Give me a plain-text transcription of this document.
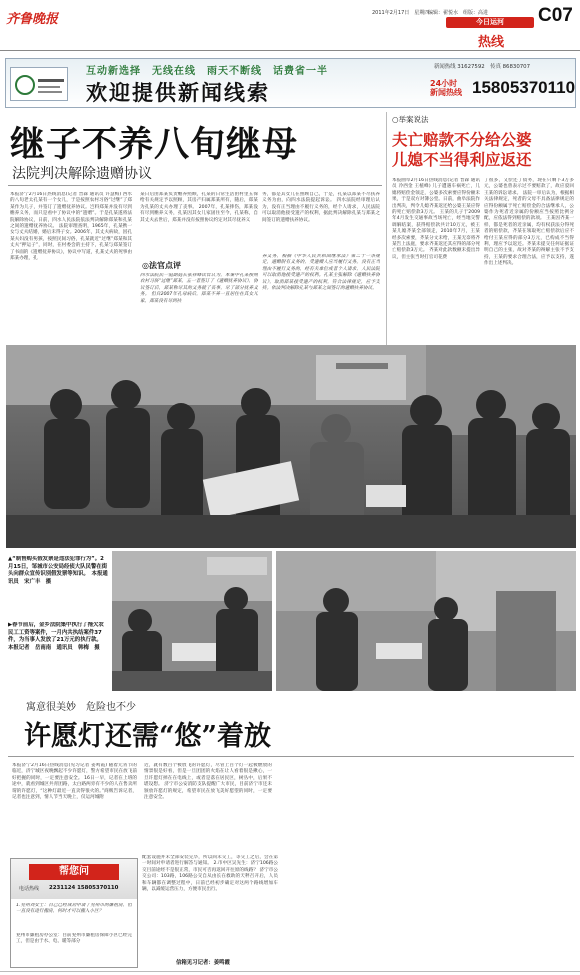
齐鲁晚报	2011年2月17日　星期四
编辑：翟悦水　组版：高进
今日运河
热线
C07
互动新选择　无线在线　雨天不断线　话费省一半
欢迎提供新闻线索
新闻热线 31627592　传真 86830707
24小时
新闻热线 15805370110
继子不养八旬继母
法院判决解除遗赠协议
本报济宁2月16日热线消息(记者 晋森 通讯员 许慧梅) 西水的八旬老太孔某有一个女儿，于是按照农村习俗“过继”了郑某作为儿子，并签订了遗赠抚养协议。岂料郑某并没有尽到赡养义务，而只是看中了协议中的“遗赠”。于是孔某遂将法院解除协议，日前，四水人民法院依法判决解除郑某和孔某之间的遗赠抚养协议。 法院审理查明，1965年，孔某携一女与丈夫结婚，婚后未得子女。2006年，其丈夫病故，因孔某夫妇没有男孩，按照民间习俗，孔某就近“过继”郑某和其丈夫“押运子”，同时，在村委会的主持下，孔某与郑某签订了书面的《遗赠抚养协议》，协议中写道，孔某丈夫的死事由郑某办理，孔
某日后由郑某负责赡养照顾，孔某的日常生活由村里五保给有关规定予以照顾，其房产归属郑某所有，随后，郑某为孔某的丈夫办理了丧事。 2007年，孔某摔伤，郑某没有尽到赡养义务，孔某因其女儿家固住至今，孔某称，自其丈夫去世后，郑某并没有按照协议约定对其尽抚养义
务，都是其女儿在照顾自己，于是，孔某以郑某不尽扶养义务为由，向四水法院提起诉讼。 四水法院经审理后认为，没有正当理由不履行义务的，经个人请求，人民法院可以取消他接受遗产的权利，据此判决解除孔某与郑某之间签订的遗赠扶养协议。
◎法官点评
四水法院民一庭副庭长张祥峰读官认为，本案中孔某按照农村习俗“过继”郑某，五一者签订了《遗赠抚养协议》，协议签订后，郑某称尽其的义务就了丧事，尽了部分抚养义务。 但自2007年孔母病后，郑某不养一直居住在其女儿家，郑某没有尽到扶
养义务，根据《中华人民共和国继承法》第二十一条规定，遗赠附有义务的，受遗赠人应当履行义务。没有正当理由不履行义务的，经有关单位或者个人请求，人民法院可以取消他接受遗产的权利。孔某主张解除《遗赠扶养协议》，取消郑某接受遗产的权利，符合法律规定，应予支持。依法判决解除孔某与郑某之间签订的遗赠扶养协议。
○举案说法
夫亡赔款不分给公婆
儿媳不当得利应返还
本报曲阜2月16日热线消息(记者 晋森 通讯员 冷西金 王植峰) 儿子遭遇车祸死亡，儿媳将赔偿金领走，公婆多次索要应得份额未果，于是双方对簿公堂。日前，曲阜法院作出判决，判令儿媳齐某返还给公婆王某应得的死亡赔偿款3万元。 王某的儿子于2009年4月发生交通事故当场死亡，经当地交警调解结案，获得赔偿款共计10万元，被王某儿媳齐某全部领走，2010年7月，王某经多次索要，齐某分文未给，王某无奈将齐某告上法庭，要求齐某返还其应得的部分死亡赔偿款3万元。 齐某对此款数额未提出异议，但主张当时打官司花费
了很多，又偿还了债务，现在只剩下3万多元，公婆也曾表示过不要赔款了，故应驳回王某的诉讼请求。 法院一审后认为，根据相关法律规定，死者的父母不具备法律规定的应得份额属于死亡赔偿金的合法继承人，公婆作为死者近亲属的份额应当按照比例分配，应依法得到赔偿的款项。 王某因齐某一样，都是死者的近亲属，均有权获法分得死者的赔偿款，齐某在领取死亡赔偿款后应不给付王某应得的部分3万元，已构成不当得利，理应予以返还。齐某未提交任何证据证明自己的主张，故对齐某的辩解主张不予支持，王某的要求合理合法，应予以支持，遂作出上述判决。
▲“制售购买假发票是违法犯罪行为”。2月15日，邹城市公安局经侦大队民警在街头向群众宣传识别假发票等知识。　本报通讯员　宋广丰　摄
▶春节前后，金乡法院集中执行了拖欠农民工工资等案件，一月内共执结案件37件，为当事人发放了21万元的执行款。　本报记者　岳南南　通讯员　韩梅　摄
寓意很美妙　危险也不少
许愿灯还需“悠”着放
本报济宁2月16日热线消息(见习记者 姜鸣霞) 随着元宵节的临近，济宁城区夜晚飘起不少许愿灯，警方希望市民在放飞前好把握的同时，一定要注意安全。 16日一早，记者在上班的途中，就看到城区共青团路，太白路两旁有不少的人在售卖所谓的许愿灯，“这种灯最近一直卖得很火的。”商贩告诉记者，记者也注意到，情人节当天晚上，仅运河城附
近，就有数百个被放飞的许愿灯，尽管上百个灯一起被燃放的情景很是好看，但是一旦团团的火焰在让人看着很是揪心，一旦许愿灯掉在在电线上，或者是落在居民区，树丛中，后果不堪设想。 济宁市公安消防支队提醒广大市民，目前济宁市还未颁放许愿灯的规定，希望市民在放飞美好愿望的同时，一定要注意安全。
配套设施并未全部安装完毕，所以尚未交工，等交工之后，会在第一时间对申请者进行解答与通知。 2.市中区吴先生：济宁106路公交目前途经不是很正常，市民可否再返回开往原的线路？ 济宁市公交公司：103路，106路公交自从由长在救助的天秤召开后，人员和车辆都在调整过程中，日前已经初步确定对这两个路线增加车辆，以减缓运营压力，方便市民出行。
信箱见习记者：姜鸣霞
帮您问
电话热线 2231124 15805370110
1.兖州刘女士：自己已经成功申请了兖州市的廉租房，但一直没有进行搬房，何时才可以搬入小区？
兖州市廉租房办公室：目前兖州市廉租房保障小区已经完工，但是由于水、电、暖等部分
